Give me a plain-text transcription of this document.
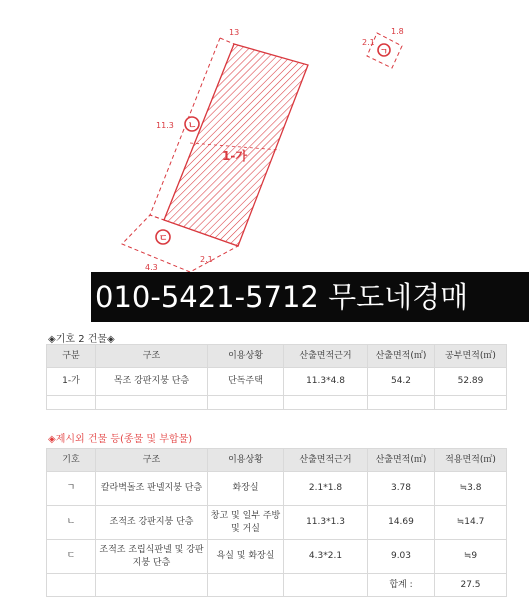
13
11.3
4.3
2.1
1-가
2.1
1.8
ㄴ
ㄷ
ㄱ
010-5421-5712 무도네경매
◈기호 2 건물◈
구분	구조	이용상황	산출면적근거	산출면적(㎡)	공부면적(㎡)
1-가	목조 강판지붕 단층	단독주택	11.3*4.8	54.2	52.89

◈제시외 건물 등(종물 및 부합물)
기호	구조	이용상황	산출면적근거	산출면적(㎡)	적용면적(㎡)
ㄱ	칼라벽돌조 판넬지붕 단층	화장실	2.1*1.8	3.78	≒3.8
ㄴ	조적조 강판지붕 단층	창고 및 일부 주방 및 거실	11.3*1.3	14.69	≒14.7
ㄷ	조적조 조립식판넬 및 강판지붕 단층	욕실 및 화장실	4.3*2.1	9.03	≒9
				합계 :	27.5
